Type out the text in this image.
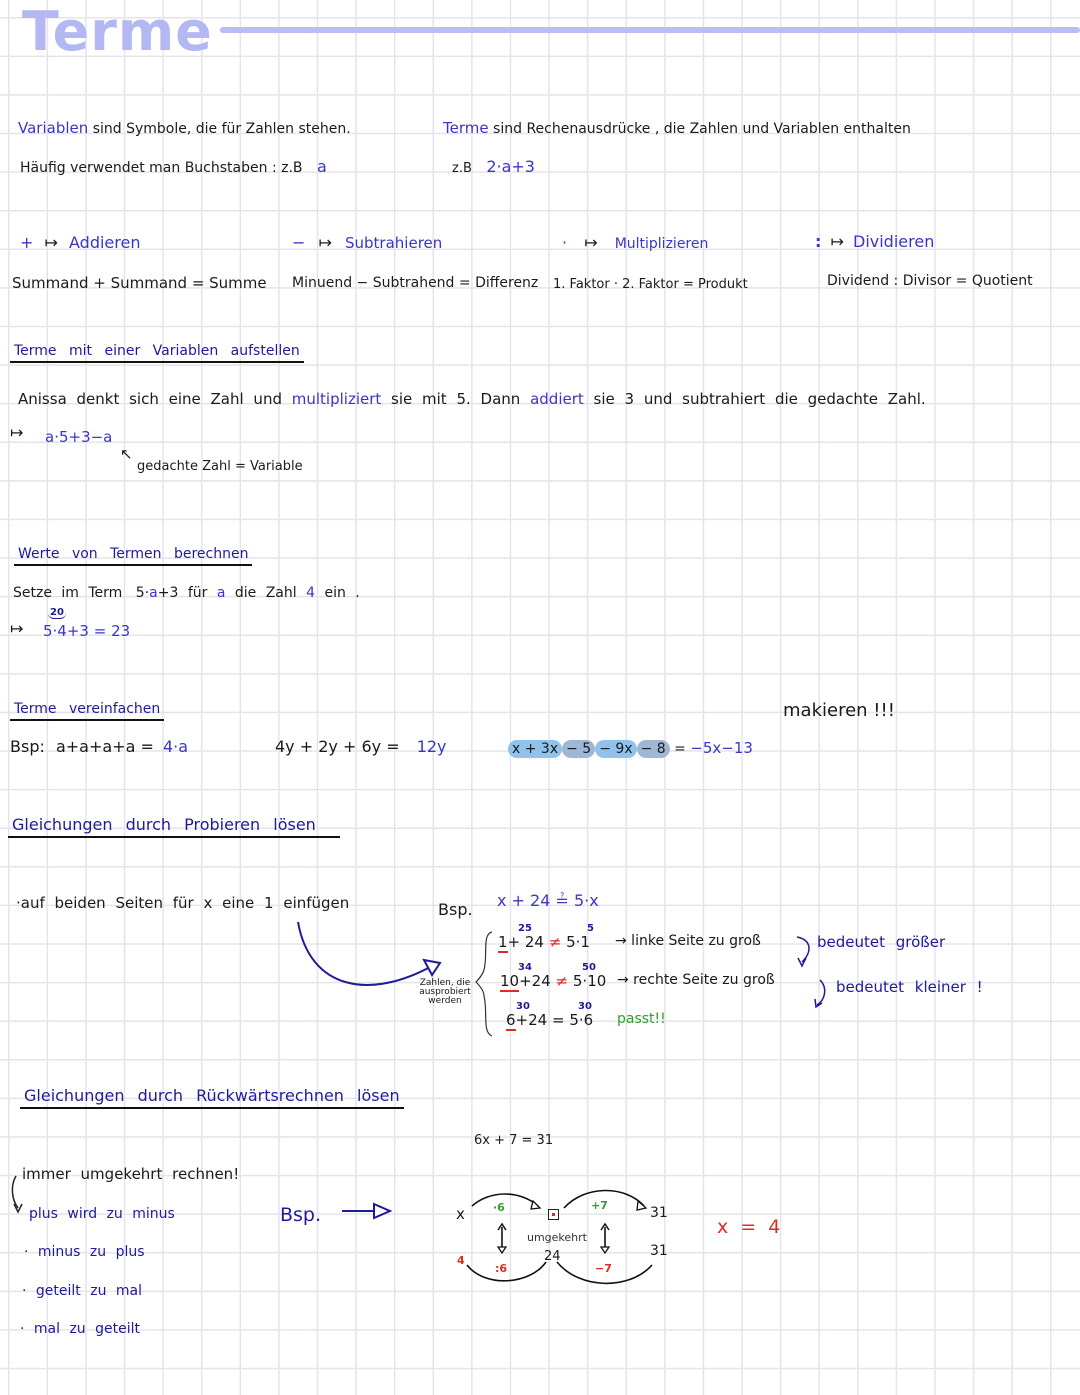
Terme
Variablen sind Symbole, die für Zahlen stehen.
Häufig verwendet man Buchstaben : z.B a
Terme sind Rechenausdrücke , die Zahlen und Variablen enthalten
z.B 2·a+3
+ ↦ Addieren
Summand + Summand = Summe
− ↦ Subtrahieren
Minuend − Subtrahend = Differenz
· ↦ Multiplizieren
1. Faktor · 2. Faktor = Produkt
: ↦ Dividieren
Dividend : Divisor = Quotient
Terme mit einer Variablen aufstellen
Anissa denkt sich eine Zahl und multipliziert sie mit 5. Dann addiert sie 3 und subtrahiert die gedachte Zahl.
↦ a·5+3−a
↖
gedachte Zahl = Variable
Werte von Termen berechnen
Setze im Term 5·a+3 für a die Zahl 4 ein .
↦
20
5·4+3 = 23
Terme vereinfachen	makieren !!!
Bsp: a+a+a+a = 4·a	4y + 2y + 6y = 12y	x + 3x − 5 − 9x − 8 = −5x−13
Gleichungen durch Probieren lösen
·auf beiden Seiten für x eine 1 einfügen	Bsp. x + 24 ≟ 5·x
Zahlen, die ausprobiert werden
1+ 24 ≠ 5·1
25	5
→ linke Seite zu groß
10+24 ≠ 5·10
34	50
→ rechte Seite zu groß
6+24 = 5·6
30	30
passt!!
bedeutet größer
bedeutet kleiner !
Gleichungen durch Rückwärtsrechnen lösen
6x + 7 = 31
immer umgekehrt rechnen!
plus wird zu minus
· minus zu plus
· geteilt zu mal
· mal zu geteilt
Bsp.	x	·6	+7	31
umgekehrt
4
:6
24
−7
31
x = 4
